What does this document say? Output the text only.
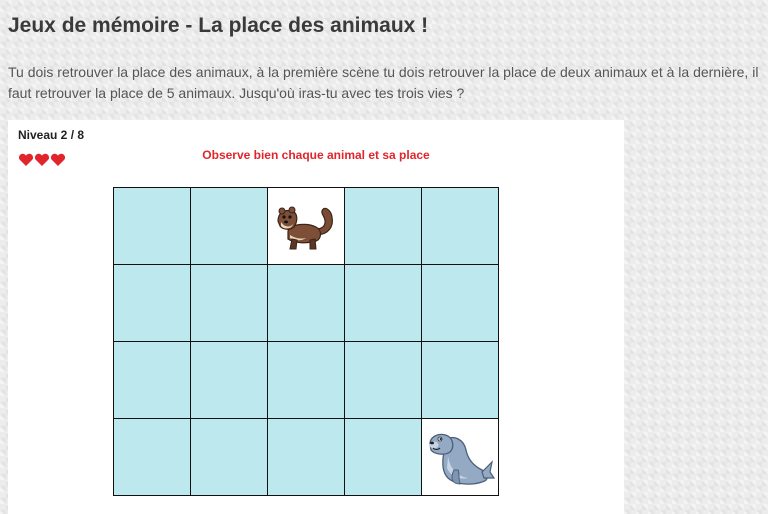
Jeux de mémoire - La place des animaux !

Tu dois retrouver la place des animaux, à la première scène tu dois retrouver la place de deux animaux et à la dernière, il faut retrouver la place de 5 animaux. Jusqu'où iras-tu avec tes trois vies ?

Niveau 2 / 8
Observe bien chaque animal et sa place
